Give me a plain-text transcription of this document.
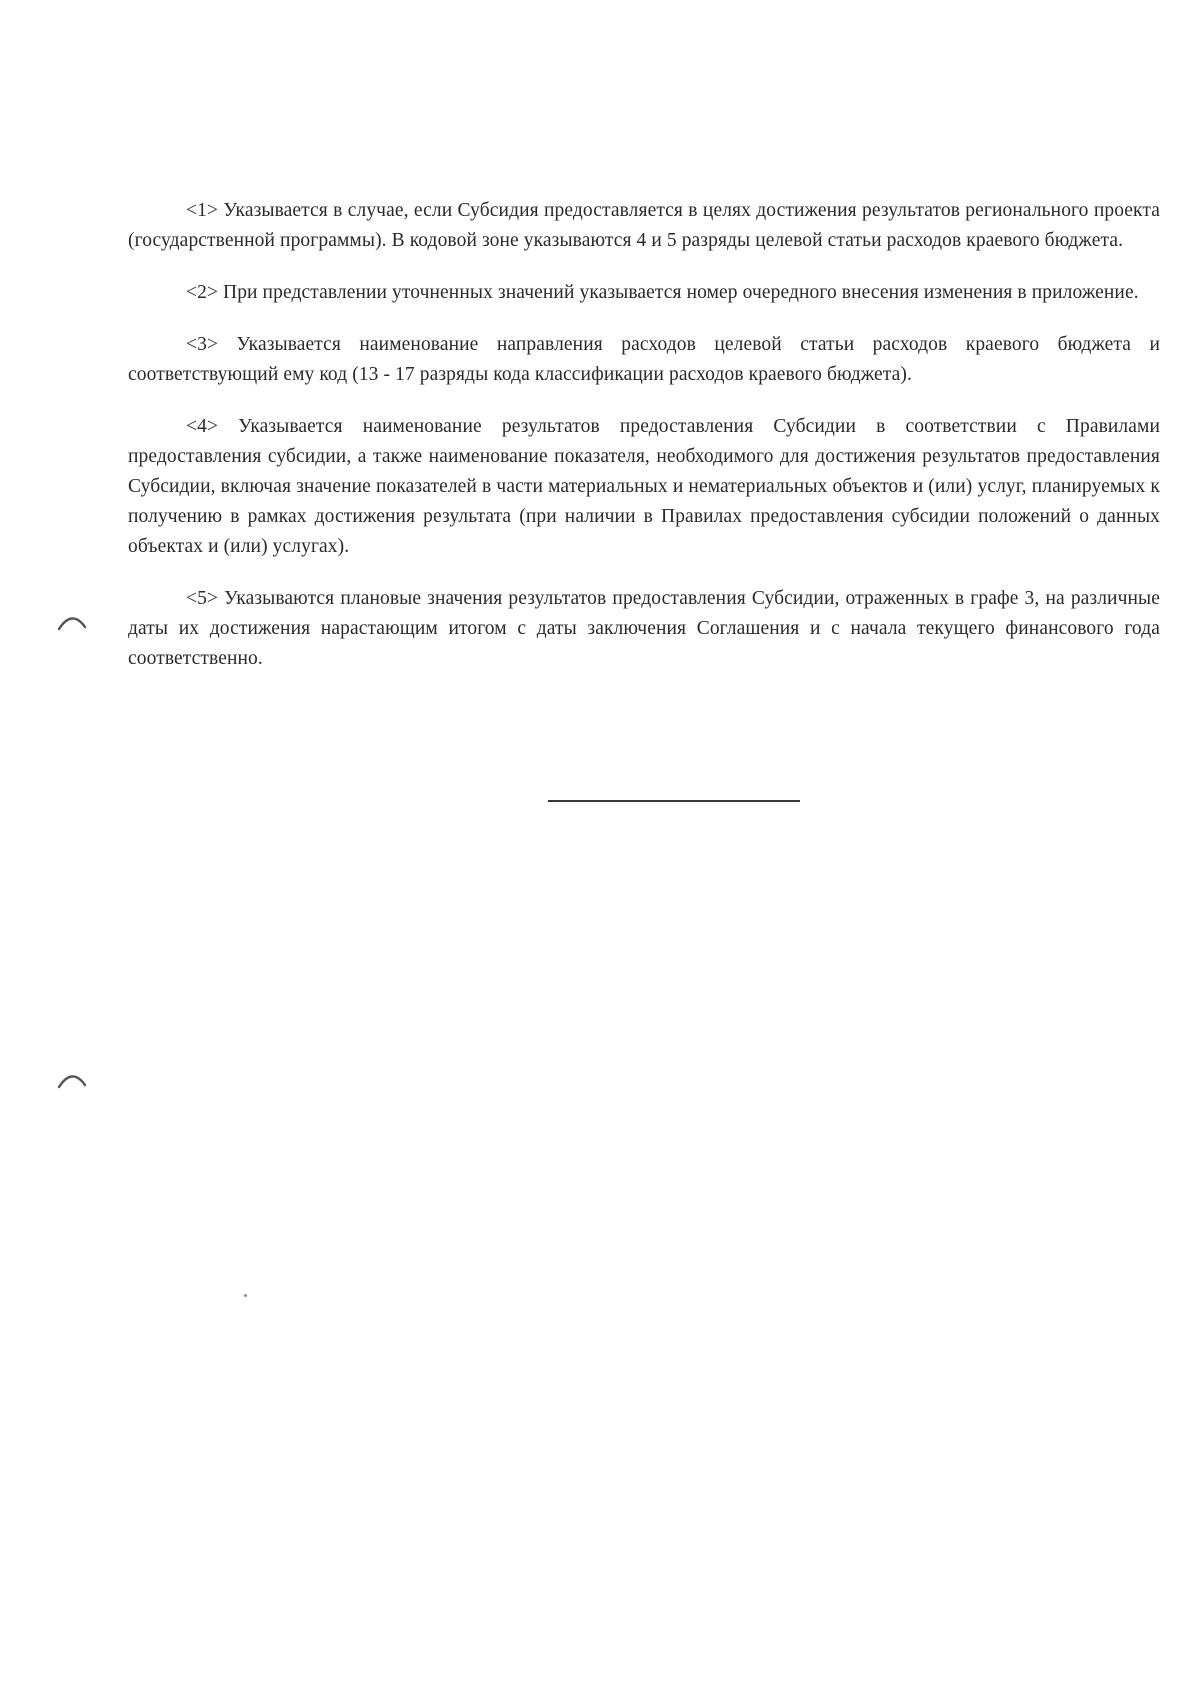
<1> Указывается в случае, если Субсидия предоставляется в целях достижения результатов регионального проекта (государственной программы). В кодовой зоне указываются 4 и 5 разряды целевой статьи расходов краевого бюджета.

<2> При представлении уточненных значений указывается номер очередного внесения изменения в приложение.

<3> Указывается наименование направления расходов целевой статьи расходов краевого бюджета и соответствующий ему код (13 - 17 разряды кода классификации расходов краевого бюджета).

<4> Указывается наименование результатов предоставления Субсидии в соответствии с Правилами предоставления субсидии, а также наименование показателя, необходимого для достижения результатов предоставления Субсидии, включая значение показателей в части материальных и нематериальных объектов и (или) услуг, планируемых к получению в рамках достижения результата (при наличии в Правилах предоставления субсидии положений о данных объектах и (или) услугах).

<5> Указываются плановые значения результатов предоставления Субсидии, отраженных в графе 3, на различные даты их достижения нарастающим итогом с даты заключения Соглашения и с начала текущего финансового года соответственно.
